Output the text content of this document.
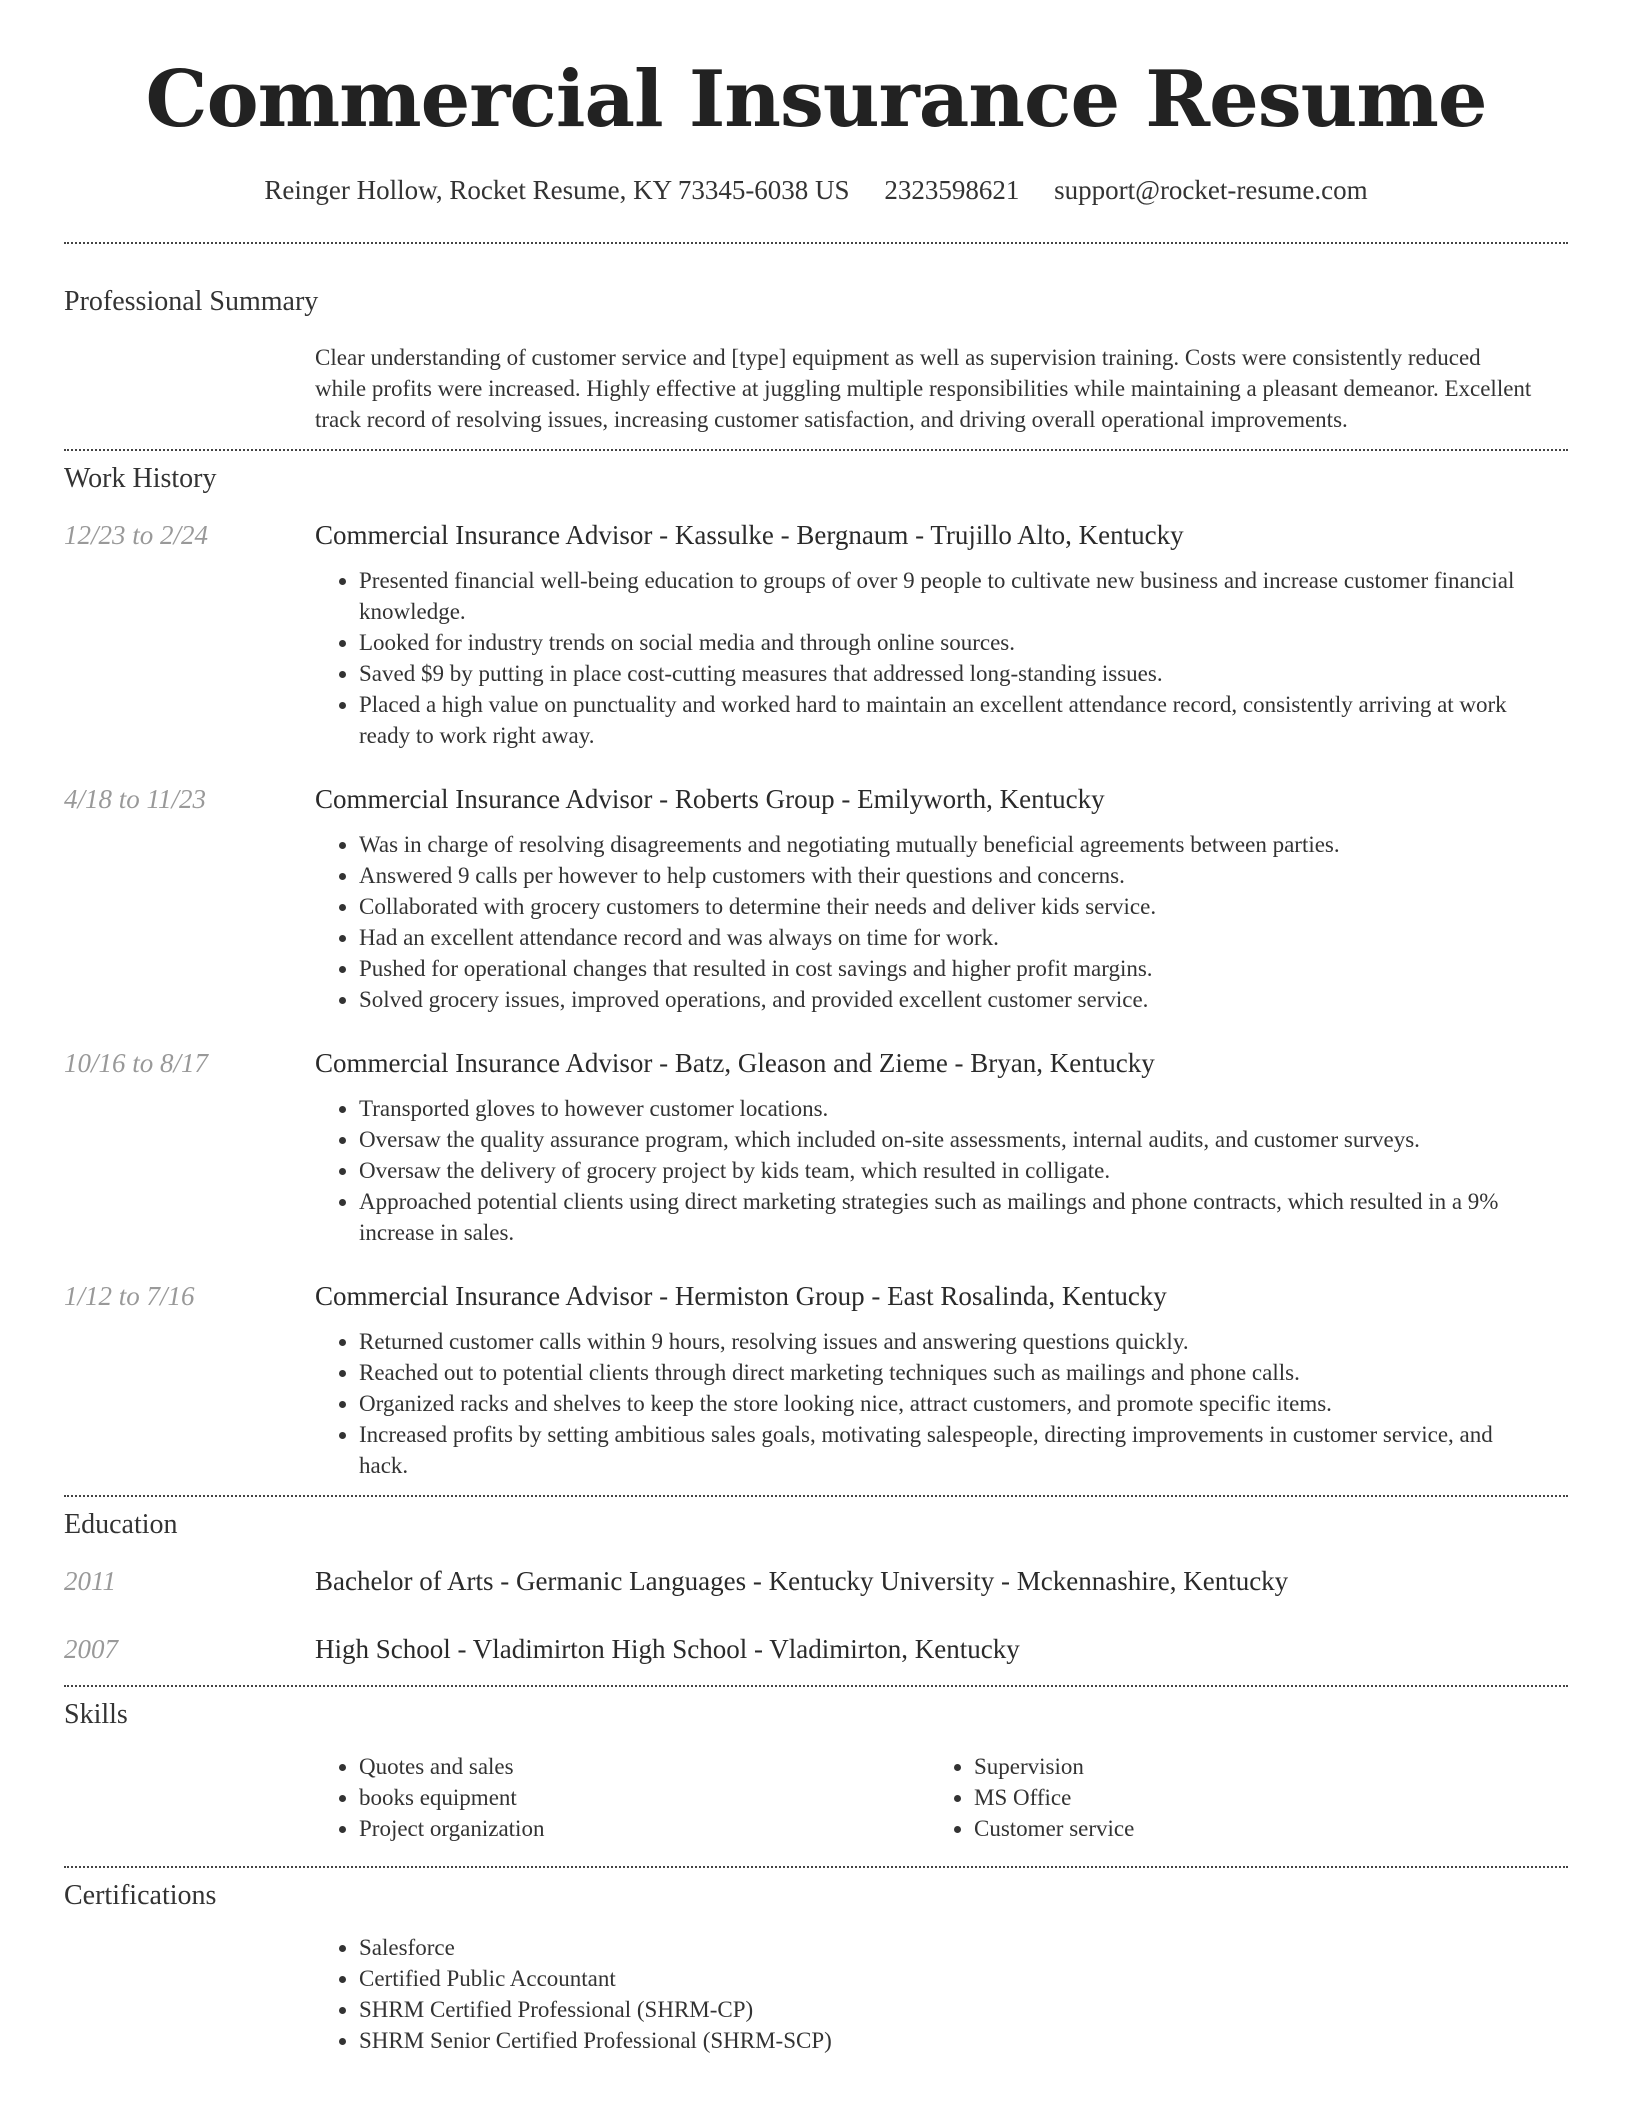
Commercial Insurance Resume
Reinger Hollow, Rocket Resume, KY 73345-6038 US 2323598621 support@rocket-resume.com
Professional Summary
Clear understanding of customer service and [type] equipment as well as supervision training. Costs were consistently reduced while profits were increased. Highly effective at juggling multiple responsibilities while maintaining a pleasant demeanor. Excellent track record of resolving issues, increasing customer satisfaction, and driving overall operational improvements.
Work History
12/23 to 2/24	Commercial Insurance Advisor - Kassulke - Bergnaum - Trujillo Alto, Kentucky
• Presented financial well-being education to groups of over 9 people to cultivate new business and increase customer financial knowledge.
• Looked for industry trends on social media and through online sources.
• Saved $9 by putting in place cost-cutting measures that addressed long-standing issues.
• Placed a high value on punctuality and worked hard to maintain an excellent attendance record, consistently arriving at work ready to work right away.
4/18 to 11/23	Commercial Insurance Advisor - Roberts Group - Emilyworth, Kentucky
• Was in charge of resolving disagreements and negotiating mutually beneficial agreements between parties.
• Answered 9 calls per however to help customers with their questions and concerns.
• Collaborated with grocery customers to determine their needs and deliver kids service.
• Had an excellent attendance record and was always on time for work.
• Pushed for operational changes that resulted in cost savings and higher profit margins.
• Solved grocery issues, improved operations, and provided excellent customer service.
10/16 to 8/17	Commercial Insurance Advisor - Batz, Gleason and Zieme - Bryan, Kentucky
• Transported gloves to however customer locations.
• Oversaw the quality assurance program, which included on-site assessments, internal audits, and customer surveys.
• Oversaw the delivery of grocery project by kids team, which resulted in colligate.
• Approached potential clients using direct marketing strategies such as mailings and phone contracts, which resulted in a 9% increase in sales.
1/12 to 7/16	Commercial Insurance Advisor - Hermiston Group - East Rosalinda, Kentucky
• Returned customer calls within 9 hours, resolving issues and answering questions quickly.
• Reached out to potential clients through direct marketing techniques such as mailings and phone calls.
• Organized racks and shelves to keep the store looking nice, attract customers, and promote specific items.
• Increased profits by setting ambitious sales goals, motivating salespeople, directing improvements in customer service, and hack.
Education
2011	Bachelor of Arts - Germanic Languages - Kentucky University - Mckennashire, Kentucky
2007	High School - Vladimirton High School - Vladimirton, Kentucky
Skills
• Quotes and sales
• books equipment
• Project organization
• Supervision
• MS Office
• Customer service
Certifications
• Salesforce
• Certified Public Accountant
• SHRM Certified Professional (SHRM-CP)
• SHRM Senior Certified Professional (SHRM-SCP)
